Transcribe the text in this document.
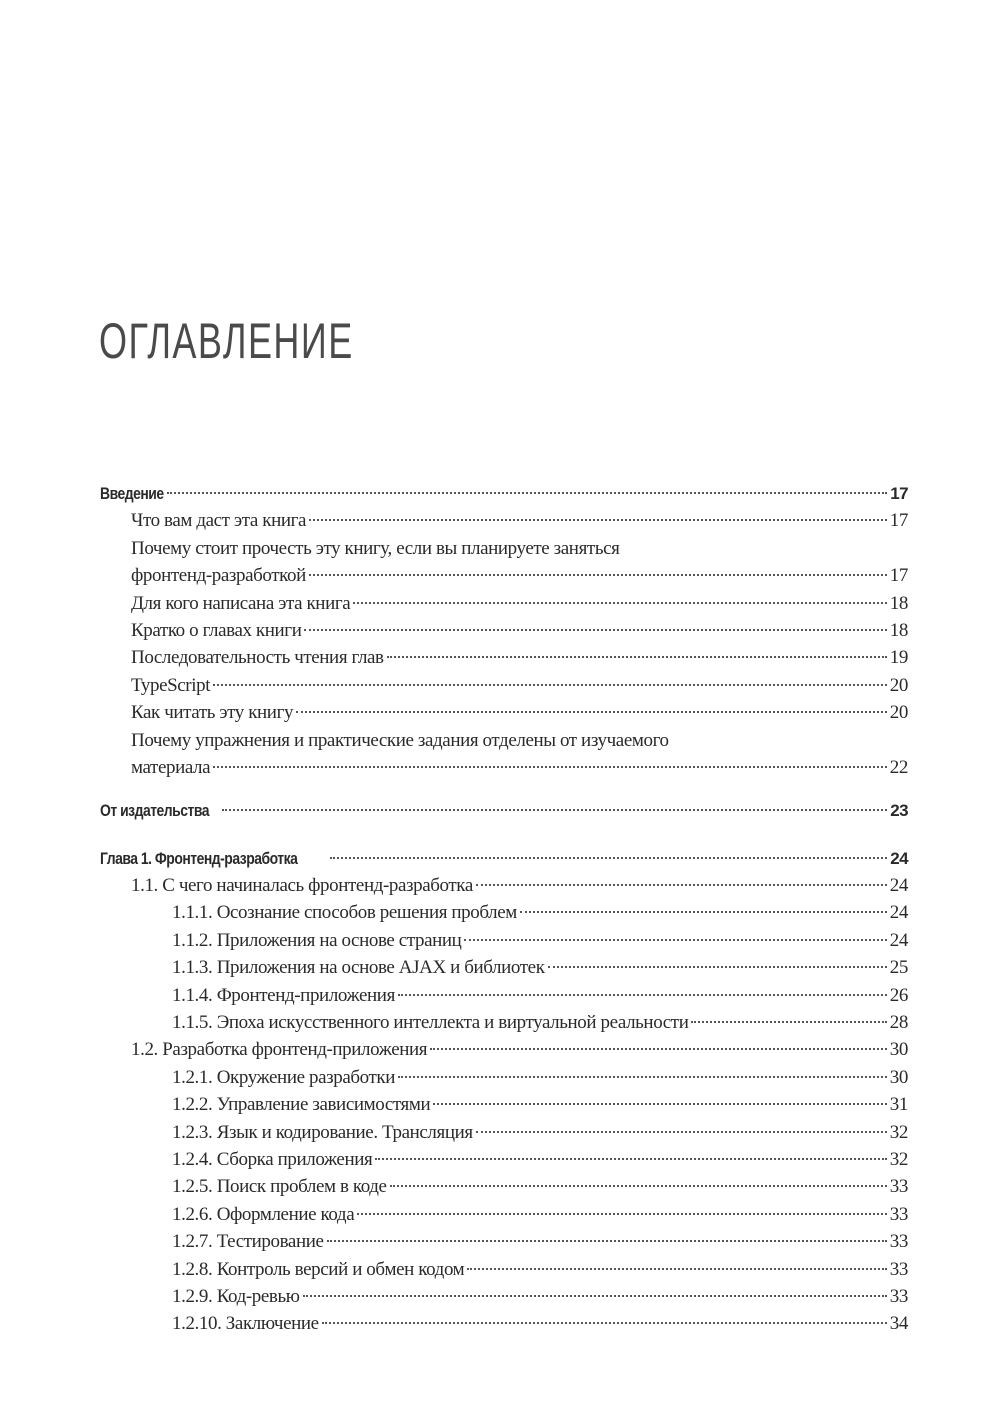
ОГЛАВЛЕНИЕ
Введение	17
Что вам даст эта книга	17
Почему стоит прочесть эту книгу, если вы планируете заняться
фронтенд-разработкой	17
Для кого написана эта книга	18
Кратко о главах книги	18
Последовательность чтения глав	19
TypeScript	20
Как читать эту книгу	20
Почему упражнения и практические задания отделены от изучаемого
материала	22
От издательства	23
Глава 1. Фронтенд-разработка	24
1.1. С чего начиналась фронтенд-разработка	24
1.1.1. Осознание способов решения проблем	24
1.1.2. Приложения на основе страниц	24
1.1.3. Приложения на основе AJAX и библиотек	25
1.1.4. Фронтенд-приложения	26
1.1.5. Эпоха искусственного интеллекта и виртуальной реальности	28
1.2. Разработка фронтенд-приложения	30
1.2.1. Окружение разработки	30
1.2.2. Управление зависимостями	31
1.2.3. Язык и кодирование. Трансляция	32
1.2.4. Сборка приложения	32
1.2.5. Поиск проблем в коде	33
1.2.6. Оформление кода	33
1.2.7. Тестирование	33
1.2.8. Контроль версий и обмен кодом	33
1.2.9. Код-ревью	33
1.2.10. Заключение	34
